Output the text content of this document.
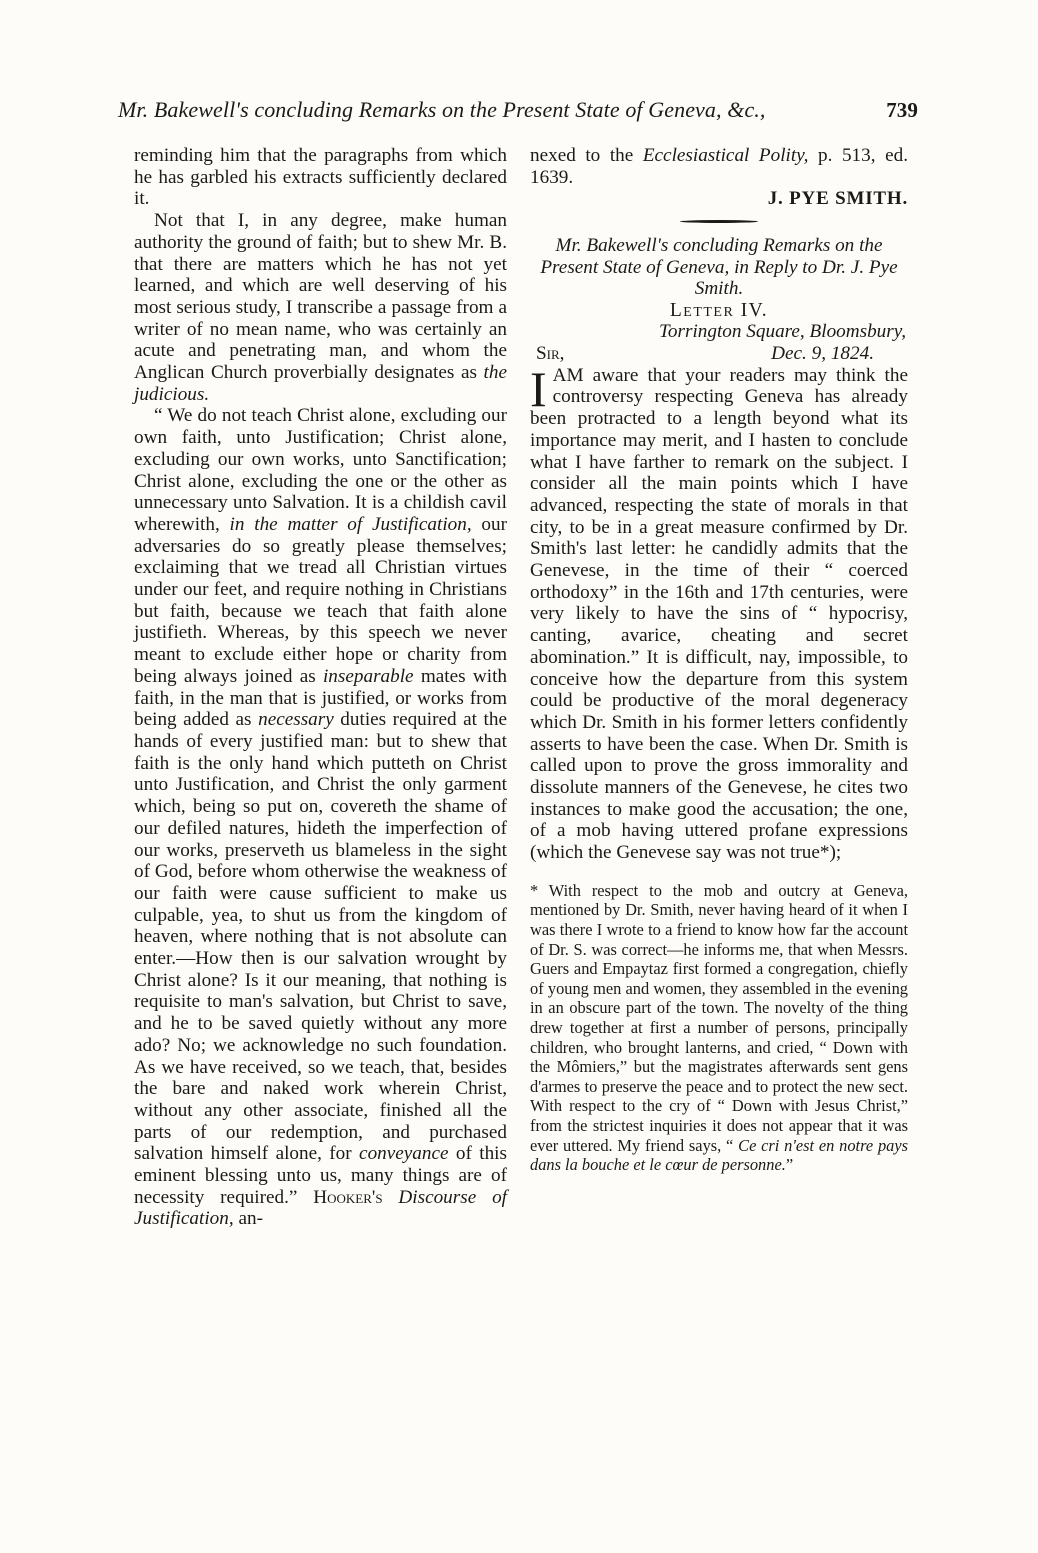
Mr. Bakewell's concluding Remarks on the Present State of Geneva, &c.,	739

reminding him that the paragraphs from which he has garbled his extracts sufficiently declared it.

Not that I, in any degree, make human authority the ground of faith; but to shew Mr. B. that there are matters which he has not yet learned, and which are well deserving of his most serious study, I transcribe a passage from a writer of no mean name, who was certainly an acute and penetrating man, and whom the Anglican Church proverbially designates as the judicious.

“ We do not teach Christ alone, excluding our own faith, unto Justification; Christ alone, excluding our own works, unto Sanctification; Christ alone, excluding the one or the other as unnecessary unto Salvation. It is a childish cavil wherewith, in the matter of Justification, our adversaries do so greatly please themselves; exclaiming that we tread all Christian virtues under our feet, and require nothing in Christians but faith, because we teach that faith alone justifieth. Whereas, by this speech we never meant to exclude either hope or charity from being always joined as inseparable mates with faith, in the man that is justified, or works from being added as necessary duties required at the hands of every justified man: but to shew that faith is the only hand which putteth on Christ unto Justification, and Christ the only garment which, being so put on, covereth the shame of our defiled natures, hideth the imperfection of our works, preserveth us blameless in the sight of God, before whom otherwise the weakness of our faith were cause sufficient to make us culpable, yea, to shut us from the kingdom of heaven, where nothing that is not absolute can enter.—How then is our salvation wrought by Christ alone? Is it our meaning, that nothing is requisite to man's salvation, but Christ to save, and he to be saved quietly without any more ado? No; we acknowledge no such foundation. As we have received, so we teach, that, besides the bare and naked work wherein Christ, without any other associate, finished all the parts of our redemption, and purchased salvation himself alone, for conveyance of this eminent blessing unto us, many things are of necessity required.” Hooker's Discourse of Justification, an-

nexed to the Ecclesiastical Polity, p. 513, ed. 1639.

J. PYE SMITH.

Mr. Bakewell's concluding Remarks on the Present State of Geneva, in Reply to Dr. J. Pye Smith.

Letter IV.

Torrington Square, Bloomsbury,

Sir,	Dec. 9, 1824.

IAM aware that your readers may think the controversy respecting Geneva has already been protracted to a length beyond what its importance may merit, and I hasten to conclude what I have farther to remark on the subject. I consider all the main points which I have advanced, respecting the state of morals in that city, to be in a great measure confirmed by Dr. Smith's last letter: he candidly admits that the Genevese, in the time of their “ coerced orthodoxy” in the 16th and 17th centuries, were very likely to have the sins of “ hypocrisy, canting, avarice, cheating and secret abomination.” It is difficult, nay, impossible, to conceive how the departure from this system could be productive of the moral degeneracy which Dr. Smith in his former letters confidently asserts to have been the case. When Dr. Smith is called upon to prove the gross immorality and dissolute manners of the Genevese, he cites two instances to make good the accusation; the one, of a mob having uttered profane expressions (which the Genevese say was not true*);

* With respect to the mob and outcry at Geneva, mentioned by Dr. Smith, never having heard of it when I was there I wrote to a friend to know how far the account of Dr. S. was correct—he informs me, that when Messrs. Guers and Empaytaz first formed a congregation, chiefly of young men and women, they assembled in the evening in an obscure part of the town. The novelty of the thing drew together at first a number of persons, principally children, who brought lanterns, and cried, “ Down with the Mômiers,” but the magistrates afterwards sent gens d'armes to preserve the peace and to protect the new sect. With respect to the cry of “ Down with Jesus Christ,” from the strictest inquiries it does not appear that it was ever uttered. My friend says, “ Ce cri n'est en notre pays dans la bouche et le cœur de personne.”
